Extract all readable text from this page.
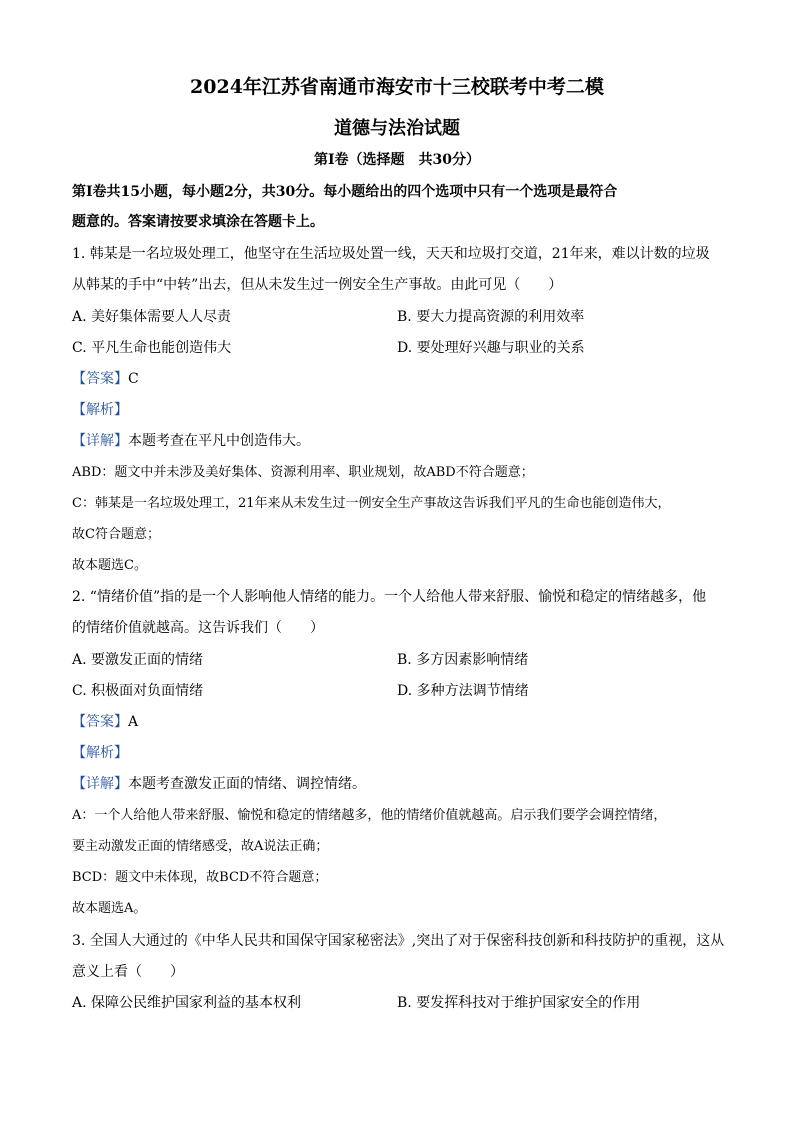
2024年江苏省南通市海安市十三校联考中考二模
道德与法治试题
第Ⅰ卷（选择题　共30分）
第Ⅰ卷共15小题，每小题2分，共30分。每小题给出的四个选项中只有一个选项是最符合
题意的。答案请按要求填涂在答题卡上。
1. 韩某是一名垃圾处理工，他坚守在生活垃圾处置一线，天天和垃圾打交道，21年来，难以计数的垃圾
从韩某的手中“中转”出去，但从未发生过一例安全生产事故。由此可见（　　）
A. 美好集体需要人人尽责	B. 要大力提高资源的利用效率
C. 平凡生命也能创造伟大	D. 要处理好兴趣与职业的关系
【答案】C
【解析】
【详解】本题考查在平凡中创造伟大。
ABD：题文中并未涉及美好集体、资源利用率、职业规划，故ABD不符合题意；
C：韩某是一名垃圾处理工，21年来从未发生过一例安全生产事故这告诉我们平凡的生命也能创造伟大，
故C符合题意；
故本题选C。
2. “情绪价值”指的是一个人影响他人情绪的能力。一个人给他人带来舒服、愉悦和稳定的情绪越多，他
的情绪价值就越高。这告诉我们（　　）
A. 要激发正面的情绪	B. 多方因素影响情绪
C. 积极面对负面情绪	D. 多种方法调节情绪
【答案】A
【解析】
【详解】本题考查激发正面的情绪、调控情绪。
A：一个人给他人带来舒服、愉悦和稳定的情绪越多，他的情绪价值就越高。启示我们要学会调控情绪，
要主动激发正面的情绪感受，故A说法正确；
BCD：题文中未体现，故BCD不符合题意；
故本题选A。
3. 全国人大通过的《中华人民共和国保守国家秘密法》,突出了对于保密科技创新和科技防护的重视，这从
意义上看（　　）
A. 保障公民维护国家利益的基本权利	B. 要发挥科技对于维护国家安全的作用
